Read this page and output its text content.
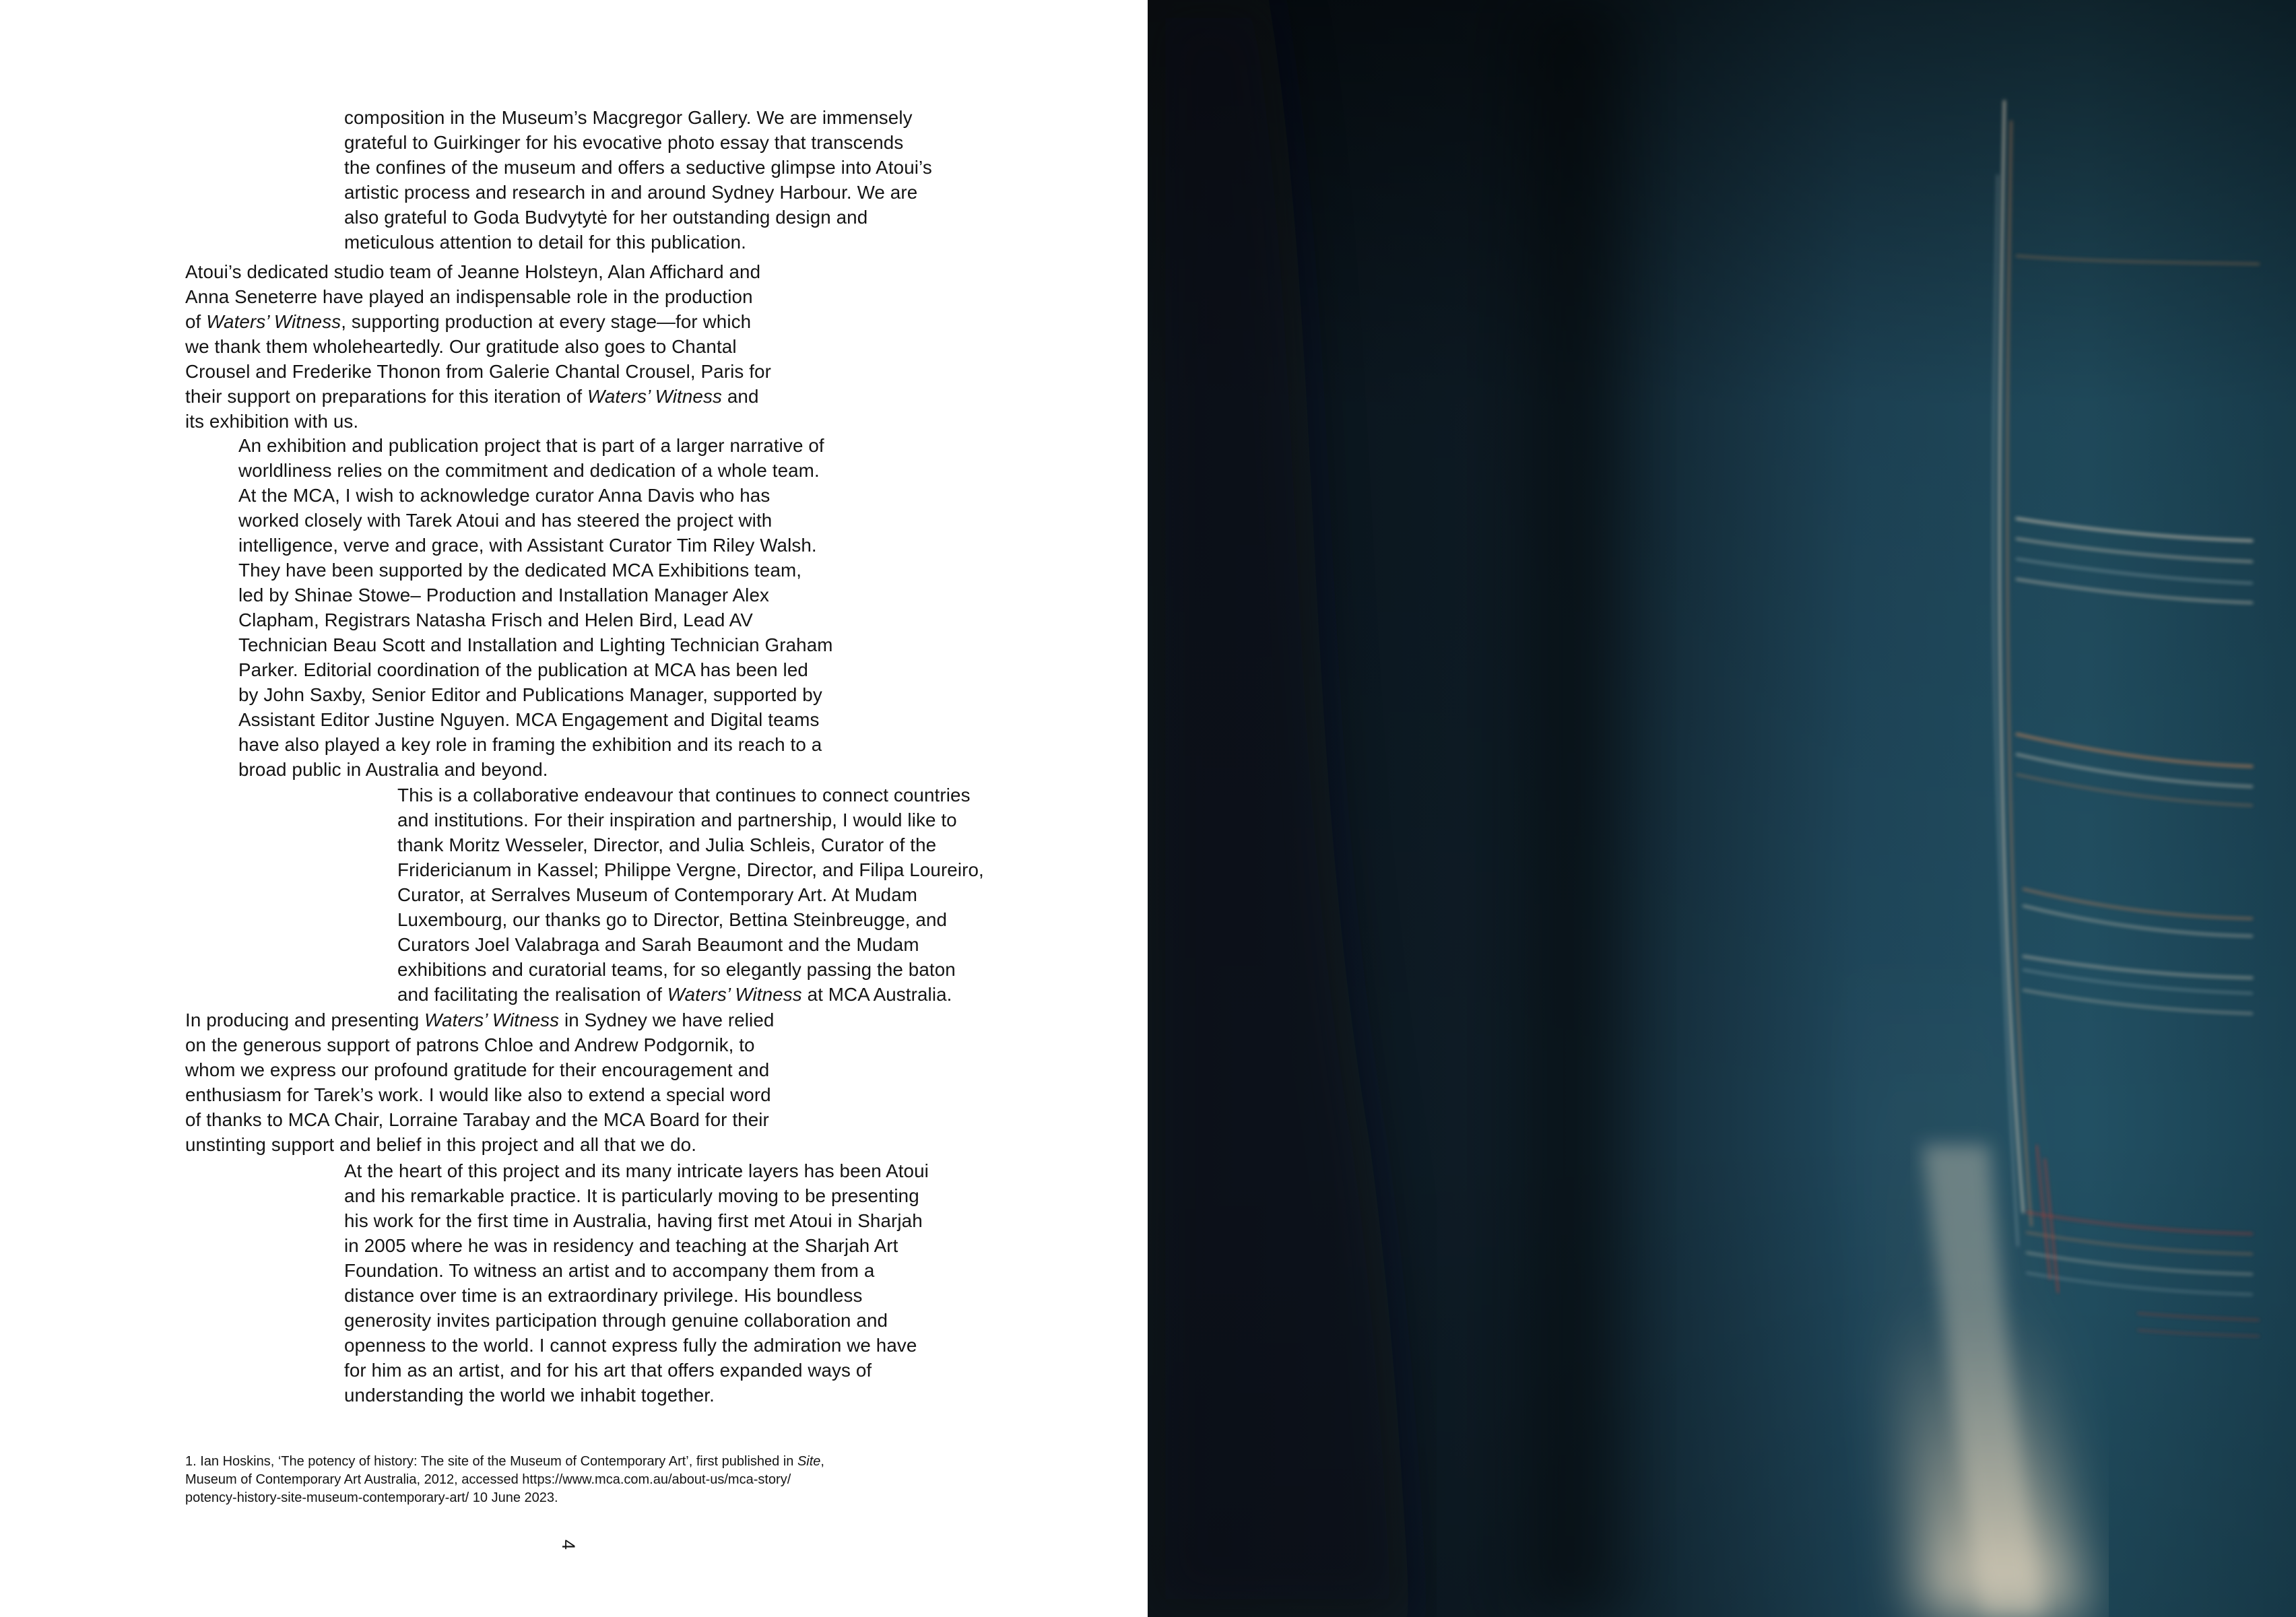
composition in the Museum’s Macgregor Gallery. We are immensely
grateful to Guirkinger for his evocative photo essay that transcends
the confines of the museum and offers a seductive glimpse into Atoui’s
artistic process and research in and around Sydney Harbour. We are
also grateful to Goda Budvytytė for her outstanding design and
meticulous attention to detail for this publication.
Atoui’s dedicated studio team of Jeanne Holsteyn, Alan Affichard and
Anna Seneterre have played an indispensable role in the production
of Waters’ Witness, supporting production at every stage—for which
we thank them wholeheartedly. Our gratitude also goes to Chantal
Crousel and Frederike Thonon from Galerie Chantal Crousel, Paris for
their support on preparations for this iteration of Waters’ Witness and
its exhibition with us.
An exhibition and publication project that is part of a larger narrative of
worldliness relies on the commitment and dedication of a whole team.
At the MCA, I wish to acknowledge curator Anna Davis who has
worked closely with Tarek Atoui and has steered the project with
intelligence, verve and grace, with Assistant Curator Tim Riley Walsh.
They have been supported by the dedicated MCA Exhibitions team,
led by Shinae Stowe– Production and Installation Manager Alex
Clapham, Registrars Natasha Frisch and Helen Bird, Lead AV
Technician Beau Scott and Installation and Lighting Technician Graham
Parker. Editorial coordination of the publication at MCA has been led
by John Saxby, Senior Editor and Publications Manager, supported by
Assistant Editor Justine Nguyen. MCA Engagement and Digital teams
have also played a key role in framing the exhibition and its reach to a
broad public in Australia and beyond.
This is a collaborative endeavour that continues to connect countries
and institutions. For their inspiration and partnership, I would like to
thank Moritz Wesseler, Director, and Julia Schleis, Curator of the
Fridericianum in Kassel; Philippe Vergne, Director, and Filipa Loureiro,
Curator, at Serralves Museum of Contemporary Art. At Mudam
Luxembourg, our thanks go to Director, Bettina Steinbreugge, and
Curators Joel Valabraga and Sarah Beaumont and the Mudam
exhibitions and curatorial teams, for so elegantly passing the baton
and facilitating the realisation of Waters’ Witness at MCA Australia.
In producing and presenting Waters’ Witness in Sydney we have relied
on the generous support of patrons Chloe and Andrew Podgornik, to
whom we express our profound gratitude for their encouragement and
enthusiasm for Tarek’s work. I would like also to extend a special word
of thanks to MCA Chair, Lorraine Tarabay and the MCA Board for their
unstinting support and belief in this project and all that we do.
At the heart of this project and its many intricate layers has been Atoui
and his remarkable practice. It is particularly moving to be presenting
his work for the first time in Australia, having first met Atoui in Sharjah
in 2005 where he was in residency and teaching at the Sharjah Art
Foundation. To witness an artist and to accompany them from a
distance over time is an extraordinary privilege. His boundless
generosity invites participation through genuine collaboration and
openness to the world. I cannot express fully the admiration we have
for him as an artist, and for his art that offers expanded ways of
understanding the world we inhabit together.
1. Ian Hoskins, ‘The potency of history: The site of the Museum of Contemporary Art’, first published in Site,
Museum of Contemporary Art Australia, 2012, accessed https://www.mca.com.au/about-us/mca-story/
potency-history-site-museum-contemporary-art/ 10 June 2023.
4
